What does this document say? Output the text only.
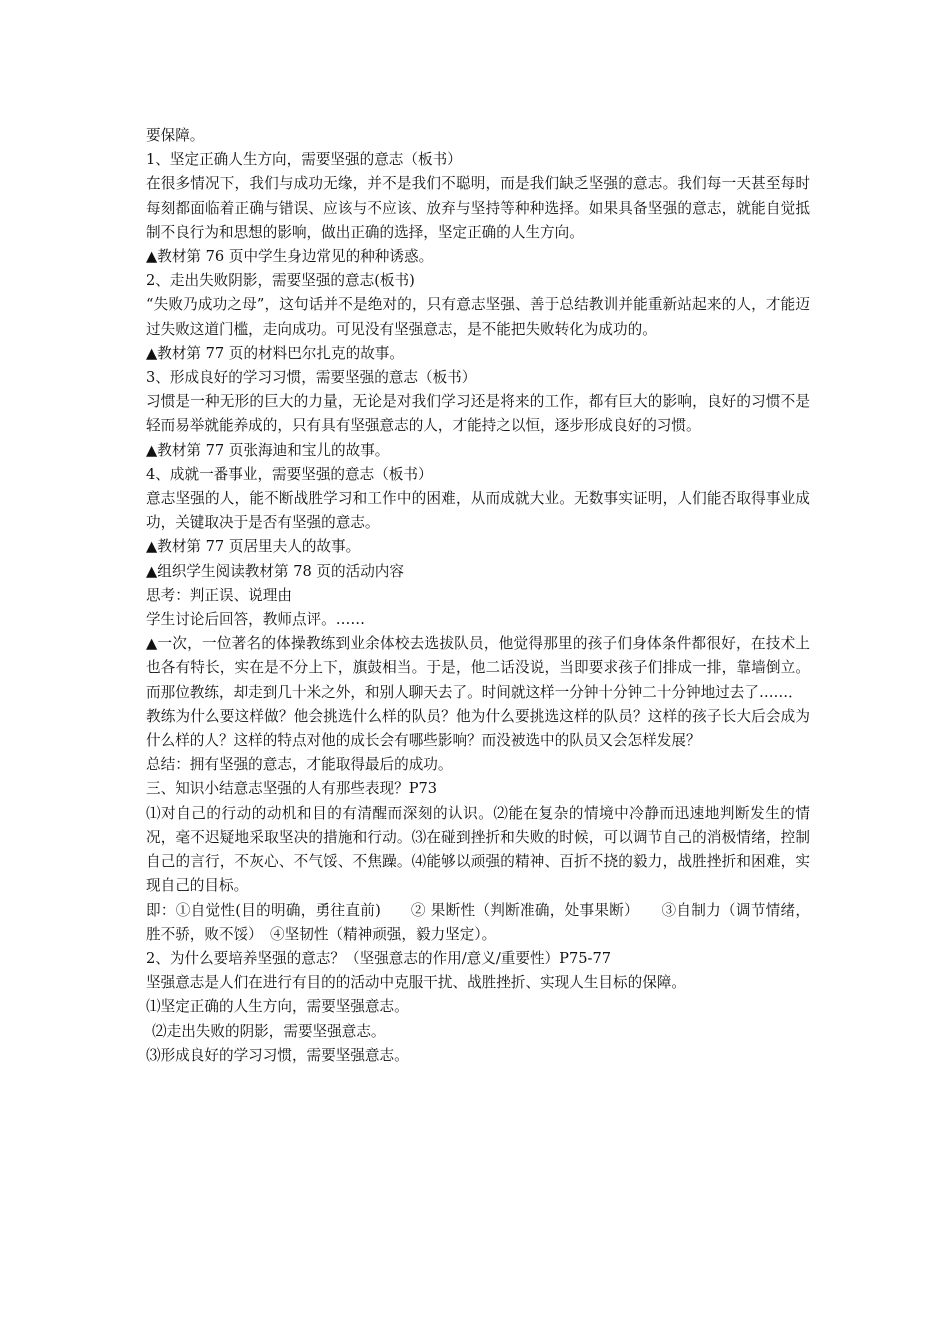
要保障。

1、坚定正确人生方向，需要坚强的意志（板书）

在很多情况下，我们与成功无缘，并不是我们不聪明，而是我们缺乏坚强的意志。我们每一天甚至每时每刻都面临着正确与错误、应该与不应该、放弃与坚持等种种选择。如果具备坚强的意志，就能自觉抵制不良行为和思想的影响，做出正确的选择，坚定正确的人生方向。

▲教材第 76 页中学生身边常见的种种诱惑。

2、走出失败阴影，需要坚强的意志(板书)

“失败乃成功之母”，这句话并不是绝对的，只有意志坚强、善于总结教训并能重新站起来的人，才能迈过失败这道门槛，走向成功。可见没有坚强意志，是不能把失败转化为成功的。

▲教材第 77 页的材料巴尔扎克的故事。

3、形成良好的学习习惯，需要坚强的意志（板书）

习惯是一种无形的巨大的力量，无论是对我们学习还是将来的工作，都有巨大的影响，良好的习惯不是轻而易举就能养成的，只有具有坚强意志的人，才能持之以恒，逐步形成良好的习惯。

▲教材第 77 页张海迪和宝儿的故事。

4、成就一番事业，需要坚强的意志（板书）

意志坚强的人，能不断战胜学习和工作中的困难，从而成就大业。无数事实证明，人们能否取得事业成功，关键取决于是否有坚强的意志。

▲教材第 77 页居里夫人的故事。

▲组织学生阅读教材第 78 页的活动内容

思考：判正误、说理由

学生讨论后回答，教师点评。……

▲一次，一位著名的体操教练到业余体校去选拔队员，他觉得那里的孩子们身体条件都很好，在技术上也各有特长，实在是不分上下，旗鼓相当。于是，他二话没说，当即要求孩子们排成一排，靠墙倒立。而那位教练，却走到几十米之外，和别人聊天去了。时间就这样一分钟十分钟二十分钟地过去了……．

教练为什么要这样做？他会挑选什么样的队员？他为什么要挑选这样的队员？这样的孩子长大后会成为什么样的人？这样的特点对他的成长会有哪些影响？而没被选中的队员又会怎样发展？

总结：拥有坚强的意志，才能取得最后的成功。

三、知识小结意志坚强的人有那些表现？P73

⑴对自己的行动的动机和目的有清醒而深刻的认识。⑵能在复杂的情境中冷静而迅速地判断发生的情况，毫不迟疑地采取坚决的措施和行动。⑶在碰到挫折和失败的时候，可以调节自己的消极情绪，控制自己的言行，不灰心、不气馁、不焦躁。⑷能够以顽强的精神、百折不挠的毅力，战胜挫折和困难，实现自己的目标。

即：①自觉性(目的明确，勇往直前)　　② 果断性（判断准确，处事果断）　　③自制力（调节情绪，胜不骄，败不馁）　④坚韧性（精神顽强，毅力坚定）。

2、为什么要培养坚强的意志？（坚强意志的作用/意义/重要性）P75-77

坚强意志是人们在进行有目的的活动中克服干扰、战胜挫折、实现人生目标的保障。

⑴坚定正确的人生方向，需要坚强意志。

⑵走出失败的阴影，需要坚强意志。

⑶形成良好的学习习惯，需要坚强意志。
